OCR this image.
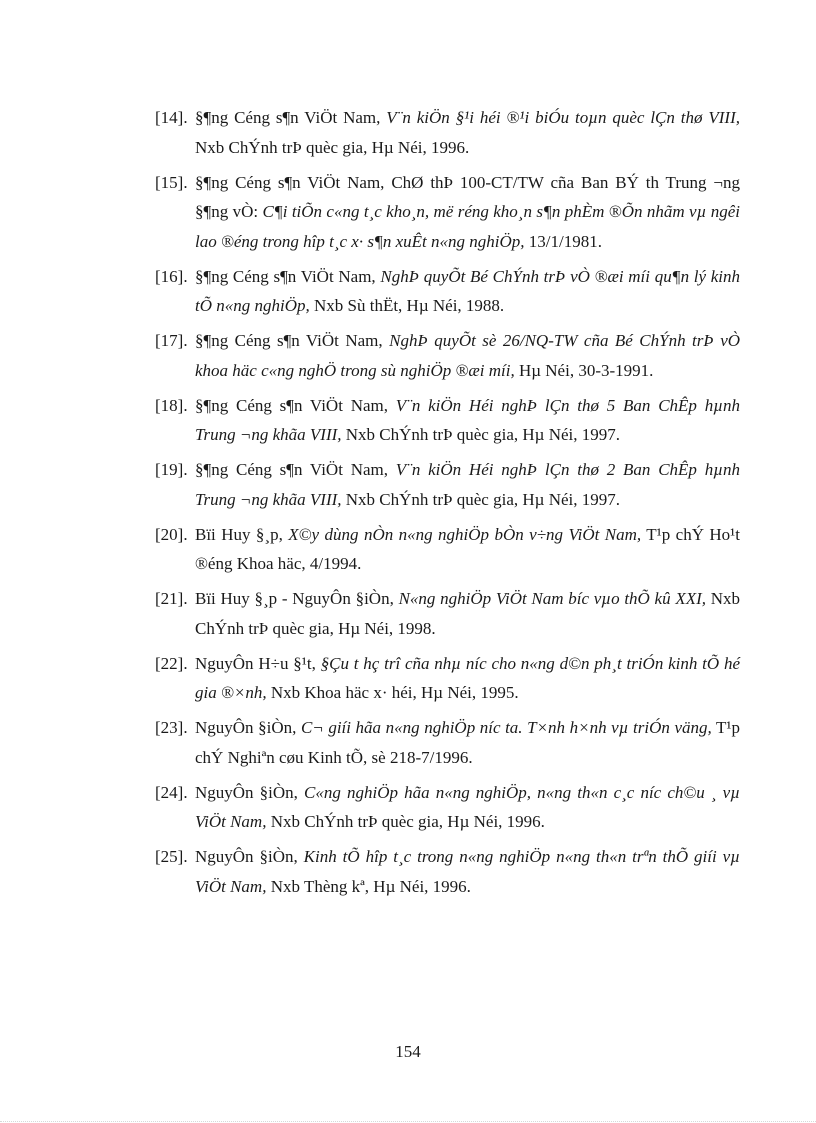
[14]. §¶ng Céng s¶n ViÖt Nam, V¨n kiÖn §¹i héi ®¹i biÓu toµn quèc lÇn thø VIII, Nxb ChÝnh trÞ quèc gia, Hµ Néi, 1996.
[15]. §¶ng Céng s¶n ViÖt Nam, ChØ thÞ 100-CT/TW cña Ban BÝ th Trung ¬ng §¶ng vÒ: C¶i tiÕn c«ng t¸c kho¸n, më réng kho¸n s¶n phÈm ®Õn nhãm vµ ngêi lao ®éng trong hîp t¸c x· s¶n xuÊt n«ng nghiÖp, 13/1/1981.
[16]. §¶ng Céng s¶n ViÖt Nam, NghÞ quyÕt Bé ChÝnh trÞ vÒ ®æi míi qu¶n lý kinh tÕ n«ng nghiÖp, Nxb Sù thËt, Hµ Néi, 1988.
[17]. §¶ng Céng s¶n ViÖt Nam, NghÞ quyÕt sè 26/NQ-TW cña Bé ChÝnh trÞ vÒ khoa häc c«ng nghÖ trong sù nghiÖp ®æi míi, Hµ Néi, 30-3-1991.
[18]. §¶ng Céng s¶n ViÖt Nam, V¨n kiÖn Héi nghÞ lÇn thø 5 Ban ChÊp hµnh Trung ¬ng khãa VIII, Nxb ChÝnh trÞ quèc gia, Hµ Néi, 1997.
[19]. §¶ng Céng s¶n ViÖt Nam, V¨n kiÖn Héi nghÞ lÇn thø 2 Ban ChÊp hµnh Trung ¬ng khãa VIII, Nxb ChÝnh trÞ quèc gia, Hµ Néi, 1997.
[20]. Bïi Huy §¸p, X©y dùng nÒn n«ng nghiÖp bÒn v÷ng ViÖt Nam, T¹p chÝ Ho¹t ®éng Khoa häc, 4/1994.
[21]. Bïi Huy §¸p - NguyÔn §iÒn, N«ng nghiÖp ViÖt Nam bíc vµo thÕ kû XXI, Nxb ChÝnh trÞ quèc gia, Hµ Néi, 1998.
[22]. NguyÔn H÷u §¹t, §Çu t hç trî cña nhµ níc cho n«ng d©n ph¸t triÓn kinh tÕ hé gia ®×nh, Nxb Khoa häc x· héi, Hµ Néi, 1995.
[23]. NguyÔn §iÒn, C¬ giíi hãa n«ng nghiÖp níc ta. T×nh h×nh vµ triÓn väng, T¹p chÝ Nghiªn cøu Kinh tÕ, sè 218-7/1996.
[24]. NguyÔn §iÒn, C«ng nghiÖp hãa n«ng nghiÖp, n«ng th«n c¸c níc ch©u ¸ vµ ViÖt Nam, Nxb ChÝnh trÞ quèc gia, Hµ Néi, 1996.
[25]. NguyÔn §iÒn, Kinh tÕ hîp t¸c trong n«ng nghiÖp n«ng th«n trªn thÕ giíi vµ ViÖt Nam, Nxb Thèng kª, Hµ Néi, 1996.
154
